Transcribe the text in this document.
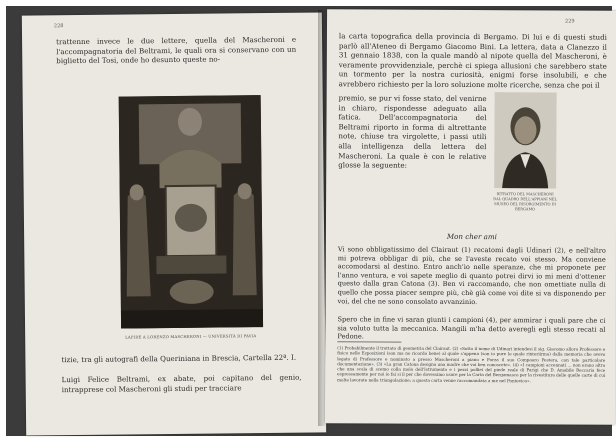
228

trattenne invece le due lettere, quella del Mascheroni e l'accompagnatoria del Beltrami, le quali ora si conservano con un biglietto del Tosi, onde ho desunto queste no-

LAPIDE A LORENZO MASCHERONI — UNIVERSITÀ DI PAVIA

tizie, tra gli autografi della Queriniana in Brescia, Cartella 22ª. I.

Luigi Felice Beltrami, ex abate, poi capitano del genio, intrapprese col Mascheroni gli studi per tracciare

229

la carta topografica della provincia di Bergamo. Di lui e di questi studi parlò all'Ateneo di Bergamo Giacomo Bini. La lettera, data a Clanezzo il 31 gennaio 1838, con la quale mandò al nipote quella del Mascheroni, è veramente provvidenziale, perchè ci spiega allusioni che sarebbero state un tormento per la nostra curiosità, enigmi forse insolubili, e che avrebbero richiesto per la loro soluzione molte ricerche, senza che poi il

RITRATTO DEL MASCHERONI DAL QUADRO DELL'APPIANI NEL MUSEO DEL RISORGIMENTO DI BERGAMO

premio, se pur vi fosse stato, del venirne in chiaro, rispondesse adeguato alla fatica. Dell'accompagnatoria del Beltrami riporto in forma di altrettante note, chiuse tra virgolette, i passi utili alla intelligenza della lettera del Mascheroni. La quale è con le relative glosse la seguente:

Mon cher ami

Vi sono obbligatissimo del Clairaut (1) recatomi dagli Udinari (2), e nell'altro mi potreva obbligar di più, che se l'aveste recato voi stesso. Ma conviene accomodarsi al destino. Entro anch'io nelle speranze, che mi proponete per l'anno ventura, e voi sapete meglio di quanto potrei dirvi io mi meni d'ottener questo dalla gran Catona (3). Ben vi raccomando, che non omettiate nulla di quello che possa piacer sempre più, chè già come voi dite si va disponendo per voi, del che ne sono consolato avvanzinio.

Spero che in fine vi saran giunti i campioni (4), per ammirar i quali pare che ci sia voluto tutta la meccanica. Mangili m'ha detto averegli egli stesso recati al Pedone.

(1) Probabilmente il trattato di geometria del Clairaut. (2) «Sotto il nome di Udinari intendesi il sig. Giacomo allora Professore e fisico nelle Esposizioni (son ma no ricordo bene) al quale s'appena (son io pure le quale rinteriirma) dalla memoria che avevo legato di Professore e nominato a presso Mascheroni a piano e Forza il suo Compaoro Pestera, con tale particolare documentazione». (3) «La gran Catona designa una madre che voi ben conoscete». (4) «I campioni accennati ... non erano altro che una scala di scemo colla mola dell'Istrumento e i pezzi polliei del piede reale di Parigi che D. Amabile Beccaria fece espressamente per noi io fai si il per che dovessimo usare per la Carta del Bergamasco per la rivestitura delle quelle carte di cui molte lavorate nella triangolazione; a questa carta venne raccomandata a me nel Pontevico».
